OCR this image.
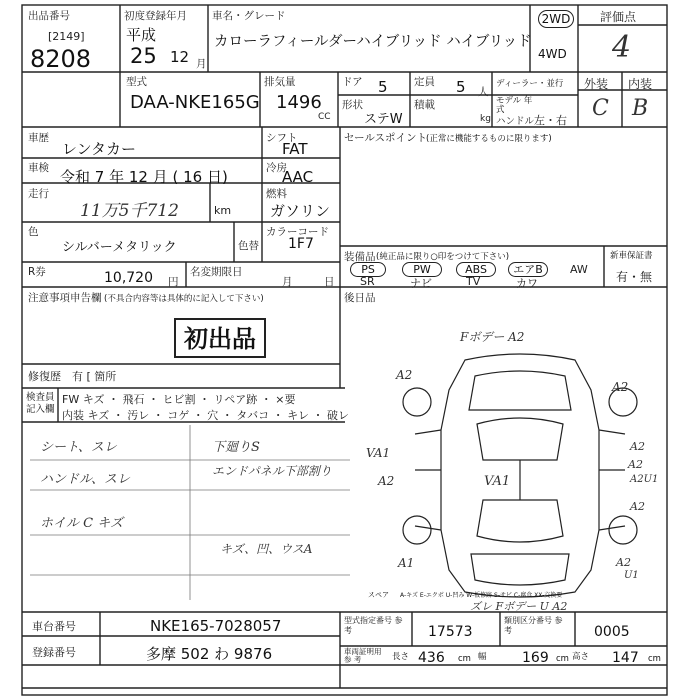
出品番号
[2149]
8208
初度登録年月
平成
25 12 月
車名・グレード
カローラフィールダーハイブリッド ハイブリッド
2WD
4WD
評価点
4
型式
DAA-NKE165G
排気量
1496
CC
ドア 5	定員 5 人
形状
ステW
積載
kg
ディーラー・並行
モデル 年式
ハンドル 左・右
外装 内装
C B
車歴
レンタカー
シフト
FAT
車検 令和 7 年 12 月 ( 16 日)	冷房
AAC
走行
11万5千712	km
燃料
ガソリン
色
シルバーメタリック	色替
カラーコード
1F7
R券	10,720 円
名変期限日
月	日
セールスポイント
(正常に機能するものに限ります)
装備品 (純正品に限り○印をつけて下さい)
PS	PW	ABS	エアB	AW
SR	ナビ	TV	カワ
新車保証書
有・無
後日品
注意事項申告欄 (不具合内容等は具体的に記入して下さい)
初出品
修復歴 有 [ 箇所
検査員 記入欄
FW キズ ・ 飛石 ・ ヒビ割 ・ リペア跡 ・ ×要
内装 キズ ・ 汚レ ・ コゲ ・ 穴 ・ タバコ ・ キレ ・ 破レ
シート、スレ
ハンドル、スレ
ホイル C キズ
下廻りS
エンドパネル下部割り
キズ、凹、ウスA
Fボデー A2
A2
VA1
A2
A1
VA1
A2
A2
A2
A2U1
A2
A2
U1
スペア
ズレ Fボデー U A2
A-キズ E-エクボ U-凹み W-板修跡 S-サビ C-腐食 XX-交換要
車台番号	NKE165-7028057
登録番号	多摩 502 わ 9876
型式指定番号 参 考	17573
類別区分番号 参 考	0005
車両証明用 参 考	長さ 436 cm 幅	169 cm 高さ 147 cm
